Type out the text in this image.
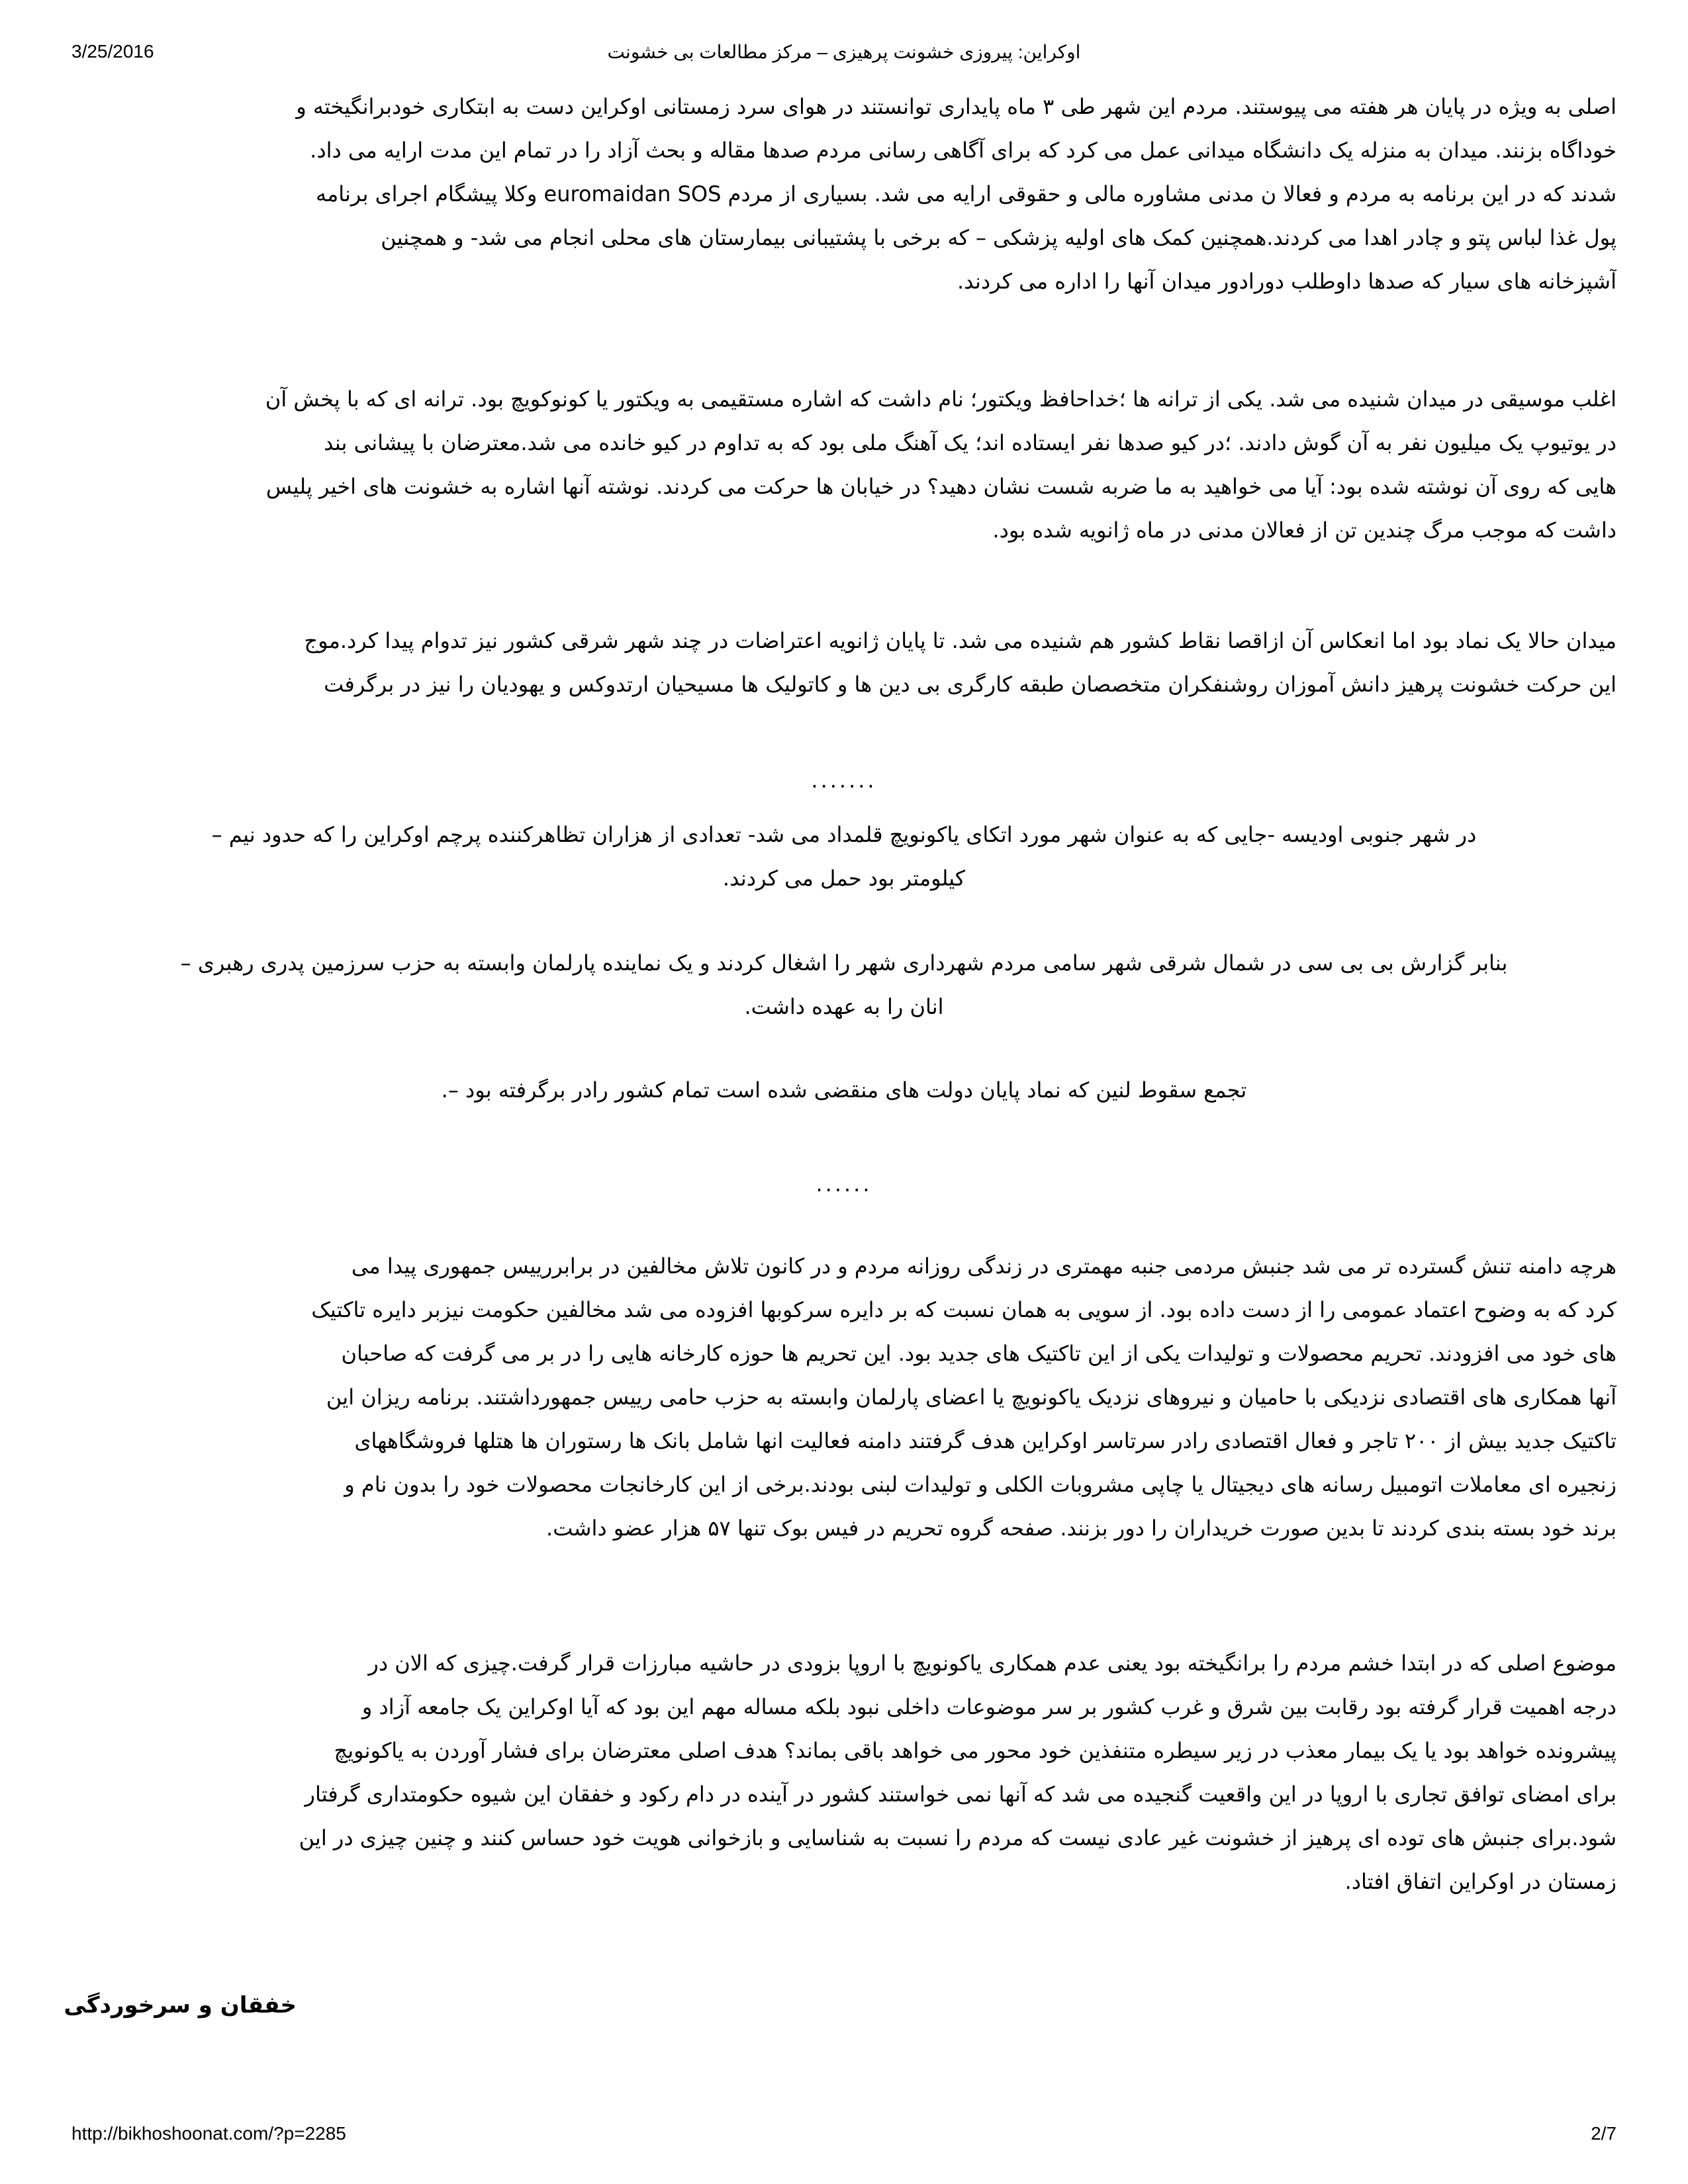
3/25/2016	اوکراین: پیروزی خشونت پرهیزی – مرکز مطالعات بی خشونت
اصلی به ویژه در پایان هر هفته می پیوستند. مردم این شهر طی ۳ ماه پایداری توانستند در هوای سرد زمستانی اوکراین دست به ابتکاری خودبرانگیخته و
خوداگاه بزنند. میدان به منزله یک دانشگاه میدانی عمل می کرد که برای آگاهی رسانی مردم صدها مقاله و بحث آزاد را در تمام این مدت ارایه می داد.
شدند که در این برنامه به مردم و فعالا ن مدنی مشاوره مالی و حقوقی ارایه می شد. بسیاری از مردم euromaidan SOS وکلا پیشگام اجرای برنامه
پول غذا لباس پتو و چادر اهدا می کردند.همچنین کمک های اولیه پزشکی – که برخی با پشتیبانی بیمارستان های محلی انجام می شد- و همچنین
آشپزخانه های سیار که صدها داوطلب دورادور میدان آنها را اداره می کردند.
اغلب موسیقی در میدان شنیده می شد. یکی از ترانه ها ؛خداحافظ ویکتور؛ نام داشت که اشاره مستقیمی به ویکتور یا کونوکویچ بود. ترانه ای که با پخش آن
در یوتیوپ یک میلیون نفر به آن گوش دادند. ؛در کیو صدها نفر ایستاده اند؛ یک آهنگ ملی بود که به تداوم در کیو خانده می شد.معترضان با پیشانی بند
هایی که روی آن نوشته شده بود: آیا می خواهید به ما ضربه شست نشان دهید؟ در خیابان ها حرکت می کردند. نوشته آنها اشاره به خشونت های اخیر پلیس
داشت که موجب مرگ چندین تن از فعالان مدنی در ماه ژانویه شده بود.
میدان حالا یک نماد بود اما انعکاس آن ازاقصا نقاط کشور هم شنیده می شد. تا پایان ژانویه اعتراضات در چند شهر شرقی کشور نیز تدوام پیدا کرد.موج
این حرکت خشونت پرهیز دانش آموزان روشنفکران متخصصان طبقه کارگری بی دین ها و کاتولیک ها مسیحیان ارتدوکس و یهودیان را نیز در برگرفت
.......
در شهر جنوبی اودیسه -جایی که به عنوان شهر مورد اتکای یاکونویچ قلمداد می شد- تعدادی از هزاران تظاهرکننده پرچم اوکراین را که حدود نیم –
کیلومتر بود حمل می کردند.
بنابر گزارش بی بی سی در شمال شرقی شهر سامی مردم شهرداری شهر را اشغال کردند و یک نماینده پارلمان وابسته به حزب سرزمین پدری رهبری –
انان را به عهده داشت.
تجمع سقوط لنین که نماد پایان دولت های منقضی شده است تمام کشور رادر برگرفته بود –.
......
هرچه دامنه تنش گسترده تر می شد جنبش مردمی جنبه مهمتری در زندگی روزانه مردم و در کانون تلاش مخالفین در برابررییس جمهوری پیدا می
کرد که به وضوح اعتماد عمومی را از دست داده بود. از سویی به همان نسبت که بر دایره سرکوبها افزوده می شد مخالفین حکومت نیزبر دایره تاکتیک
های خود می افزودند. تحریم محصولات و تولیدات یکی از این تاکتیک های جدید بود. این تحریم ها حوزه کارخانه هایی را در بر می گرفت که صاحبان
آنها همکاری های اقتصادی نزدیکی با حامیان و نیروهای نزدیک یاکونویچ یا اعضای پارلمان وابسته به حزب حامی رییس جمهورداشتند. برنامه ریزان این
تاکتیک جدید بیش از ۲۰۰ تاجر و فعال اقتصادی رادر سرتاسر اوکراین هدف گرفتند دامنه فعالیت انها شامل بانک ها رستوران ها هتلها فروشگاههای
زنجیره ای معاملات اتومبیل رسانه های دیجیتال یا چاپی مشروبات الکلی و تولیدات لبنی بودند.برخی از این کارخانجات محصولات خود را بدون نام و
برند خود بسته بندی کردند تا بدین صورت خریداران را دور بزنند. صفحه گروه تحریم در فیس بوک تنها ۵۷ هزار عضو داشت.
موضوع اصلی که در ابتدا خشم مردم را برانگیخته بود یعنی عدم همکاری یاکونویچ با اروپا بزودی در حاشیه مبارزات قرار گرفت.چیزی که الان در
درجه اهمیت قرار گرفته بود رقابت بین شرق و غرب کشور بر سر موضوعات داخلی نبود بلکه مساله مهم این بود که آیا اوکراین یک جامعه آزاد و
پیشرونده خواهد بود یا یک بیمار معذب در زیر سیطره متنفذین خود محور می خواهد باقی بماند؟ هدف اصلی معترضان برای فشار آوردن به یاکونویچ
برای امضای توافق تجاری با اروپا در این واقعیت گنجیده می شد که آنها نمی خواستند کشور در آینده در دام رکود و خفقان این شیوه حکومتداری گرفتار
شود.برای جنبش های توده ای پرهیز از خشونت غیر عادی نیست که مردم را نسبت به شناسایی و بازخوانی هویت خود حساس کنند و چنین چیزی در این
زمستان در اوکراین اتفاق افتاد.
خفقان و سرخوردگی
http://bikhoshoonat.com/?p=2285	2/7
